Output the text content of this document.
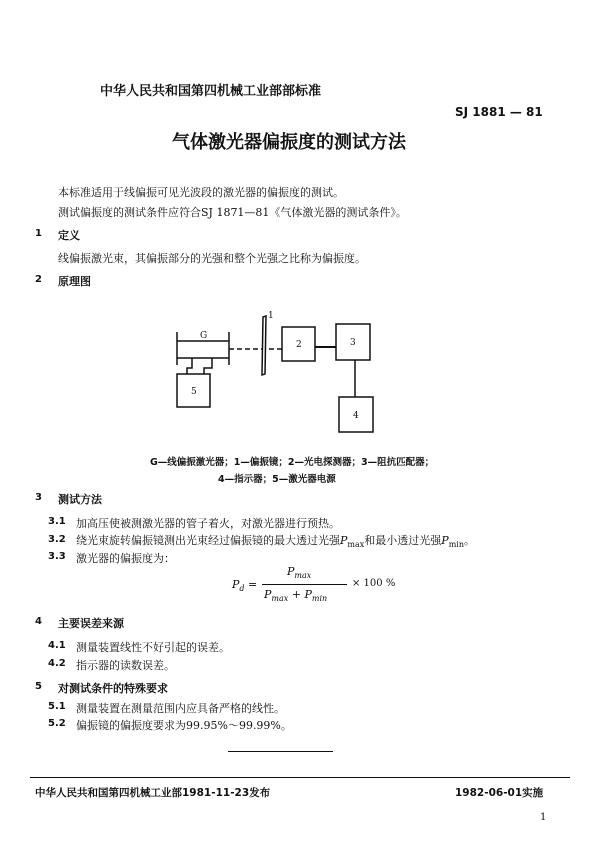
中华人民共和国第四机械工业部部标准
SJ 1881 — 81
气体激光器偏振度的测试方法
本标准适用于线偏振可见光波段的激光器的偏振度的测试。
测试偏振度的测试条件应符合SJ 1871—81《气体激光器的测试条件》。
1 定义
线偏振激光束，其偏振部分的光强和整个光强之比称为偏振度。
2 原理图
G
1
2	3
4
5
G—线偏振激光器；1—偏振镜；2—光电探测器；3—阻抗匹配器；
4—指示器；5—激光器电源
3 测试方法
3.1 加高压使被测激光器的管子着火，对激光器进行预热。
3.2 绕光束旋转偏振镜测出光束经过偏振镜的最大透过光强$P_{max}$和最小透过光强$P_{min}$。
3.3 激光器的偏振度为：
$P_d$ =
$P_{max}$
$P_{max} + P_{min}$
× 100 %
4 主要误差来源
4.1 测量装置线性不好引起的误差。
4.2 指示器的读数误差。
5 对测试条件的特殊要求
5.1 测量装置在测量范围内应具备严格的线性。
5.2 偏振镜的偏振度要求为99.95%～99.99%。
中华人民共和国第四机械工业部1981-11-23发布	1982-06-01实施
1
